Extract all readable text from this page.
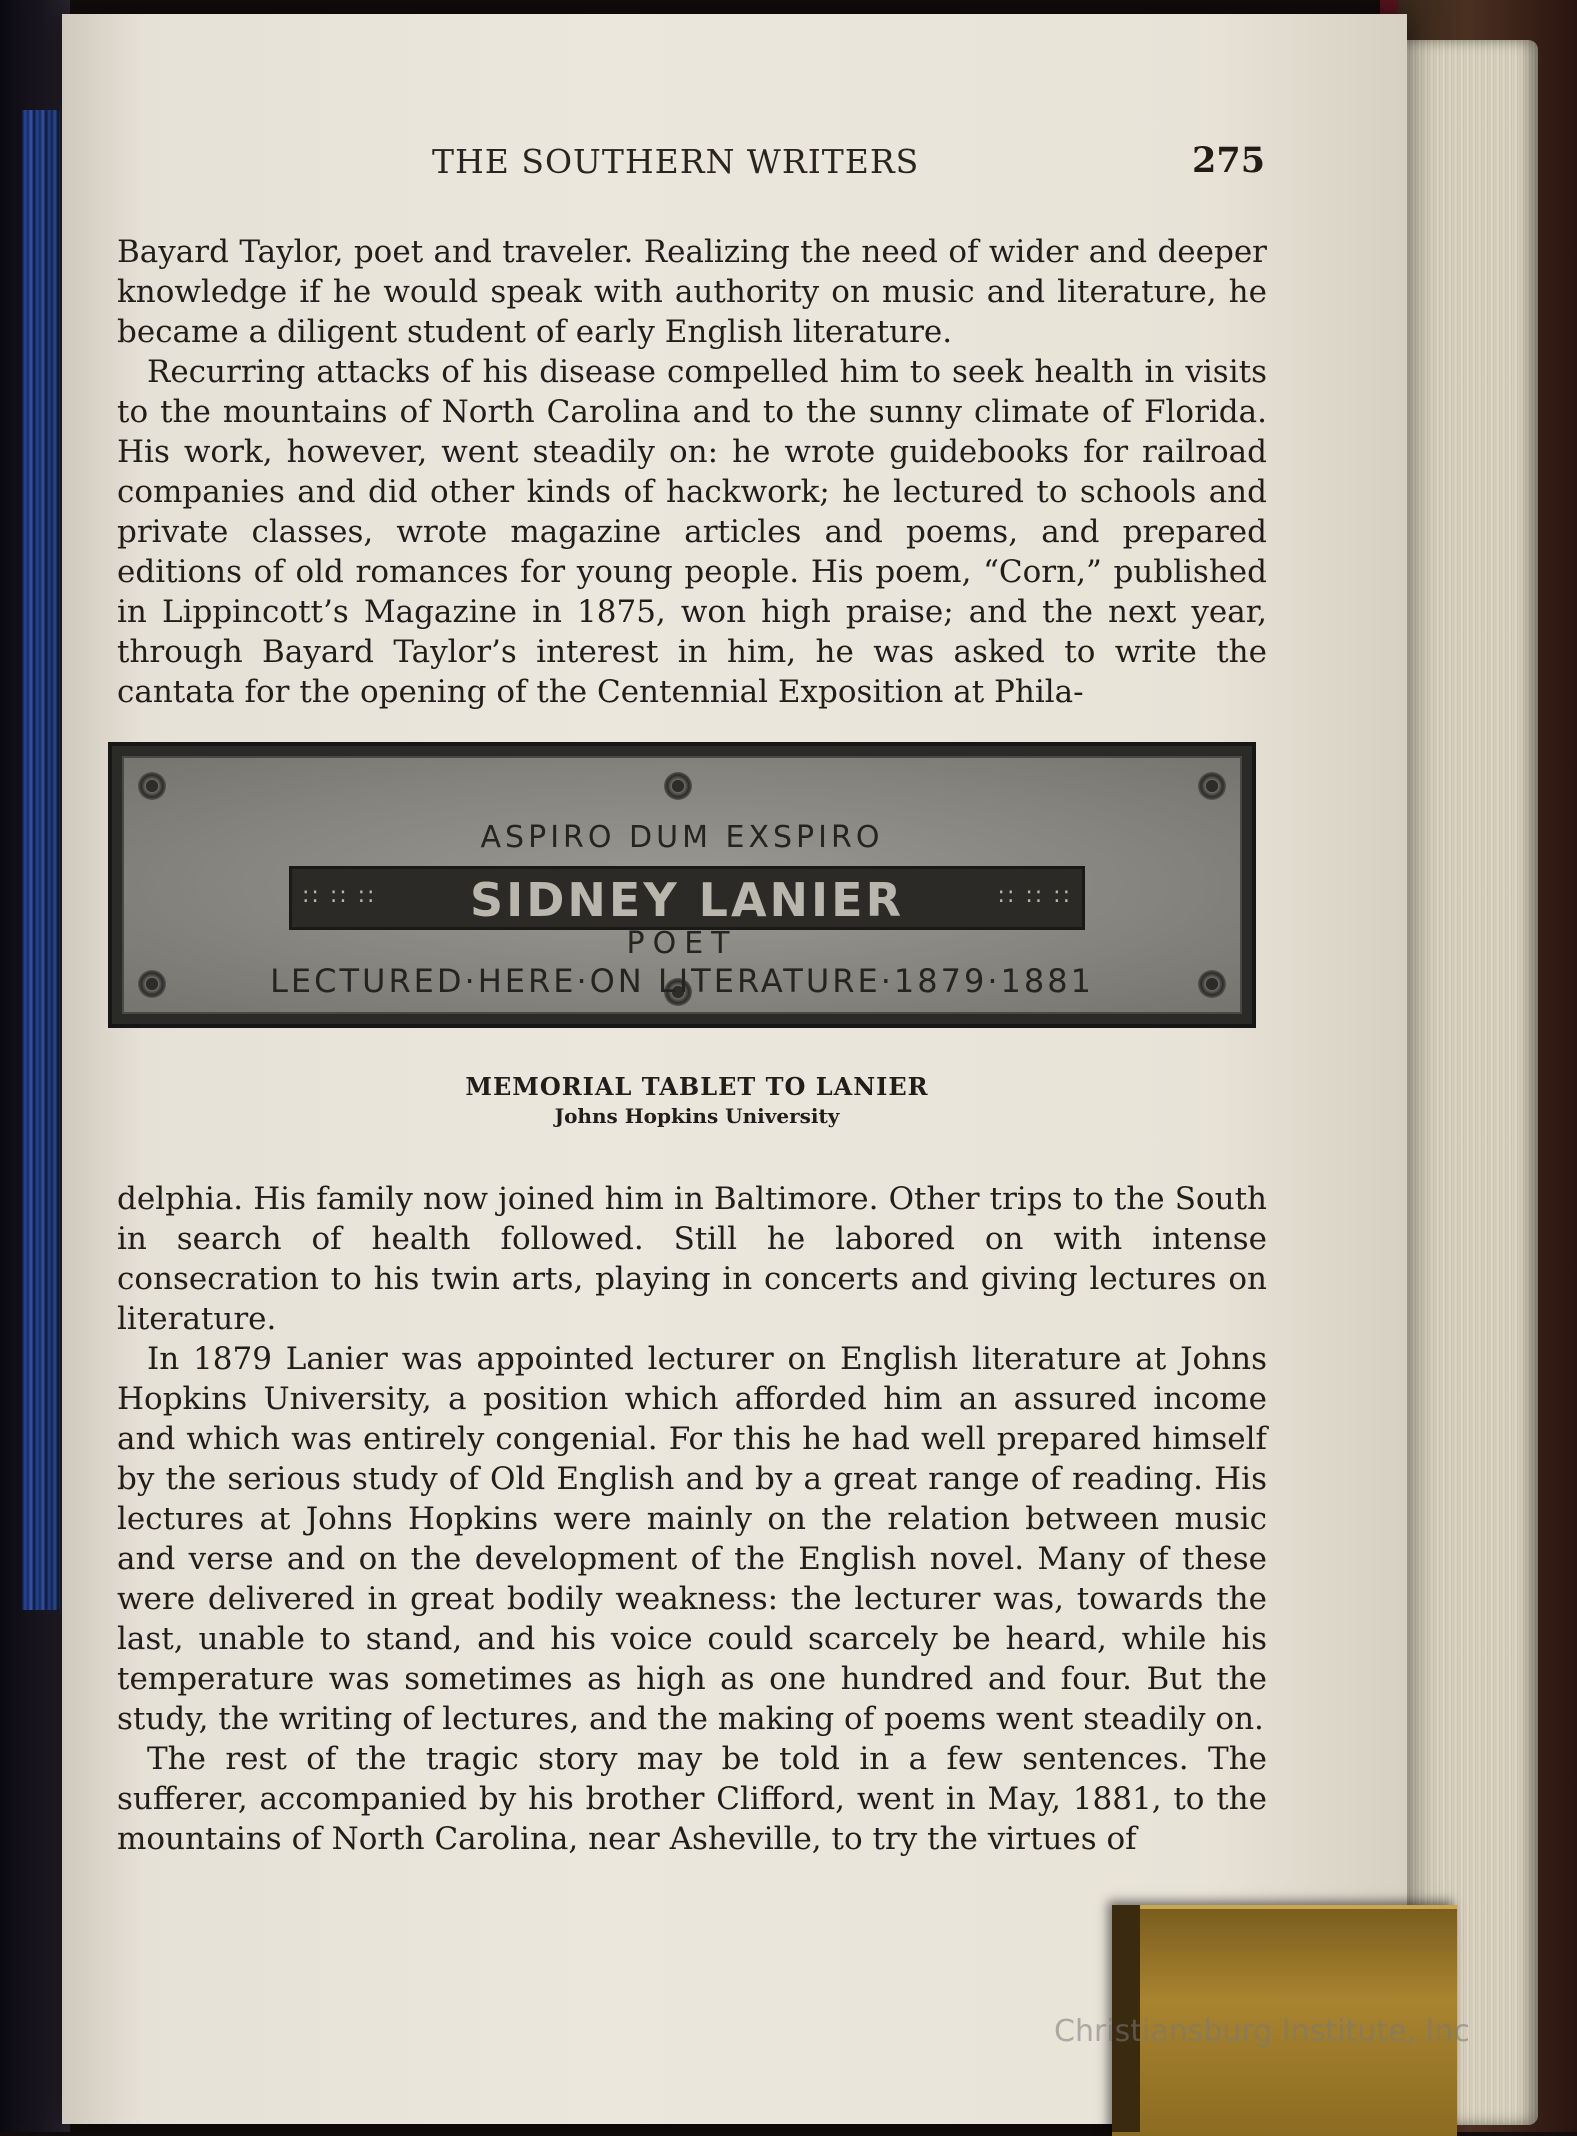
THE SOUTHERN WRITERS	275

Bayard Taylor, poet and traveler. Realizing the need of wider and deeper knowledge if he would speak with authority on music and literature, he became a diligent student of early English literature.

Recurring attacks of his disease compelled him to seek health in visits to the mountains of North Carolina and to the sunny climate of Florida. His work, however, went steadily on: he wrote guidebooks for railroad companies and did other kinds of hackwork; he lectured to schools and private classes, wrote magazine articles and poems, and prepared editions of old romances for young people. His poem, “Corn,” published in Lippincott’s Magazine in 1875, won high praise; and the next year, through Bayard Taylor’s interest in him, he was asked to write the cantata for the opening of the Centennial Exposition at Phila-

ASPIRO DUM EXSPIRO
:: :: ::	SIDNEY LANIER	:: :: ::
POET
LECTURED·HERE·ON LITERATURE·1879·1881
MEMORIAL TABLET TO LANIER
Johns Hopkins University

delphia. His family now joined him in Baltimore. Other trips to the South in search of health followed. Still he labored on with intense consecration to his twin arts, playing in concerts and giving lectures on literature.

In 1879 Lanier was appointed lecturer on English literature at Johns Hopkins University, a position which afforded him an assured income and which was entirely congenial. For this he had well prepared himself by the serious study of Old English and by a great range of reading. His lectures at Johns Hopkins were mainly on the relation between music and verse and on the development of the English novel. Many of these were delivered in great bodily weakness: the lecturer was, towards the last, unable to stand, and his voice could scarcely be heard, while his temperature was sometimes as high as one hundred and four. But the study, the writing of lectures, and the making of poems went steadily on.

The rest of the tragic story may be told in a few sentences. The sufferer, accompanied by his brother Clifford, went in May, 1881, to the mountains of North Carolina, near Asheville, to try the virtues of

Christiansburg Institute, Inc
